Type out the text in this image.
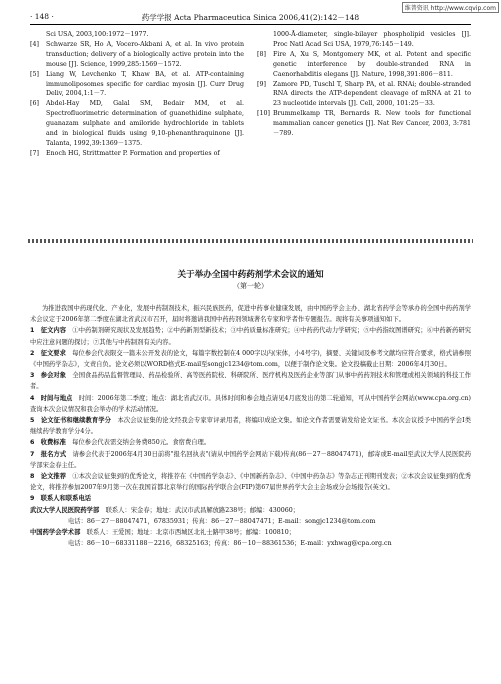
维普资讯 http://www.cqvip.com
· 148 ·	药学学报 Acta Pharmaceutica Sinica 2006,41(2):142－148
Sci USA, 2003,100:1972－1977.
[4]	Schwarze SR, Ho A, Vocero-Akbani A, et al. In vivo protein transduction; delivery of a biologically active protein into the mouse [J]. Science, 1999,285:1569－1572.
[5]	Liang W, Levchenko T, Khaw BA, et al. ATP-containing immunoliposomes specific for cardiac myosin [J]. Curr Drug Deliv, 2004,1:1－7.
[6]	Abdel-Hay MD, Galal SM, Bedair MM, et al. Spectrofluorimetric determination of guanethidine sulphate, guanazam sulphate and amiloride hydrochloride in tablets and in biological fluids using 9,10-phenanthraquinone [J]. Talanta, 1992,39:1369－1375.
[7]	Enoch HG, Strittmatter P. Formation and properties of
1000-Å-diameter, single-bilayer phospholipid vesicles [J]. Proc Natl Acad Sci USA, 1979,76:145－149.
[8]	Fire A, Xu S, Montgomery MK, et al. Potent and specific genetic interference by double-stranded RNA in Caenorhabditis elegans [J]. Nature, 1998,391:806－811.
[9]	Zamore PD, Tuschl T, Sharp PA, et al. RNAi; double-stranded RNA directs the ATP-dependent cleavage of mRNA at 21 to 23 nucleotide intervals [J]. Cell, 2000, 101:25－33.
[10] Brummelkamp TR, Bernards R. New tools for functional mammalian cancer genetics [J]. Nat Rev Cancer, 2003, 3:781－789.
关于举办全国中药药剂学术会议的通知
（第一轮）

为推进我国中药现代化、产业化，发展中药制剂技术，振兴民族医药，促进中药事业健康发展，由中国药学会主办、湖北省药学会等承办的全国中药药剂学术会议定于2006年第二季度在湖北省武汉市召开，届时将邀请我国中药药剂领域著名专家和学者作专题报告。现将有关事项通知如下。

1　征文内容　 ①中药制剂研究现状及发展趋势；②中药新剂型新技术；③中药质量标准研究；④中药药代动力学研究；⑤中药指纹图谱研究；⑥中药新药研究中应注意问题的探讨；⑦其他与中药制剂有关内容。

2　征文要求　 每位参会代表限交一篇未公开发表的论文，每篇字数控制在4 000字以内(宋体，小4号字)，摘要、关键词及参考文献均应符合要求，格式请参照《中国药学杂志》，文责自负。论文必须以WORD格式E-mail至songjc1234@tom.com，以便于制作论文集。论文投稿截止日期：2006年4月30日。

3　参会对象　 全国食品药品监督管理局、药品检验所、高等医药院校、科研院所、医疗机构及医药企业等部门从事中药药剂技术和管理或相关领域的科技工作者。

4　时间与地点　 时间：2006年第二季度；地点：湖北省武汉市。具体时间和参会地点请见4月底发出的第二轮通知，可从中国药学会网站(www.cpa.org.cn)查询本次会议情况和我会举办的学术活动情况。

5　论文征书和继续教育学分　 本次会议征集的论文经我会专家审评录用者，将编印成论文集。如论文作者需要请发给论文证书。本次会议授予中国药学会Ⅰ类继续药学教育学分4分。

6　收费标准　 每位参会代表需交纳会务费850元。食宿费自理。

7　报名方式　 请参会代表于2006年4月30日前将"报名回执表"(请从中国药学会网站下载)传真(86－27－88047471)，邮寄或E-mail至武汉大学人民医院药学部宋金春主任。

8　论文推荐　 ①本次会议征集到的优秀论文，将推荐在《中国药学杂志》、《中国新药杂志》、《中国中药杂志》等杂志正刊期刊发表；②本次会议征集到的优秀论文，将推荐参加2007年9月第一次在我国首都北京举行的国际药学联合会(FIP)第67届世界药学大会主会场或分会场报告(英文)。

9　联系人和联系电话

武汉大学人民医院药学部　 联系人：宋金春；地址：武汉市武昌解放路238号；邮编：430060；

电话：86－27－88047471，67835931；传真：86－27－88047471；E-mail：songjc1234@tom.com

中国药学会学术部　 联系人：王爱国；地址：北京市西城区北礼士路甲38号；邮编：100810；

电话：86－10－68331188－2216，68325163；传真：86－10－88361536；E-mail：yxhwag@cpa.org.cn
